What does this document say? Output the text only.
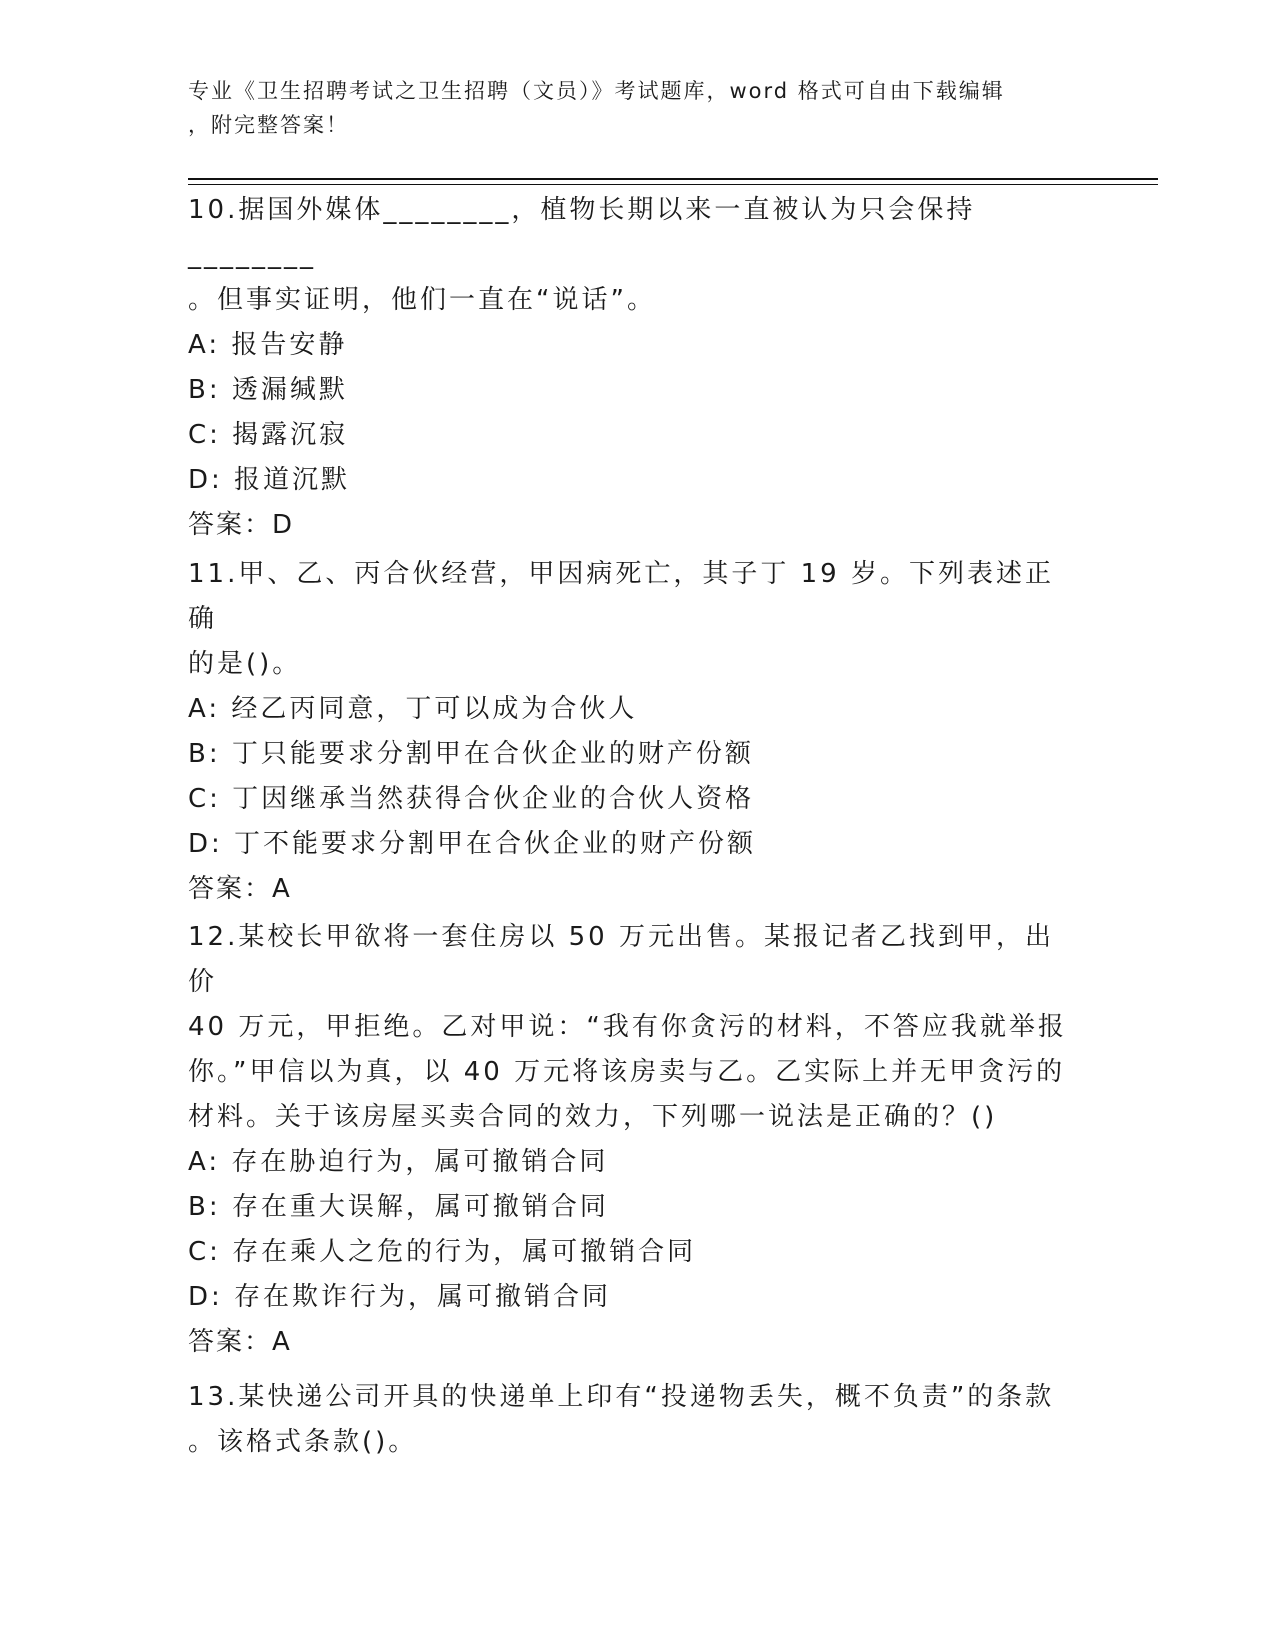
专业《卫生招聘考试之卫生招聘（文员）》考试题库，word 格式可自由下载编辑
，附完整答案！

10.据国外媒体________，植物长期以来一直被认为只会保持________

。但事实证明，他们一直在“说话”。

A: 报告安静

B: 透漏缄默

C: 揭露沉寂

D: 报道沉默

答案：D

11.甲、乙、丙合伙经营，甲因病死亡，其子丁 19 岁。下列表述正确

的是()。

A: 经乙丙同意，丁可以成为合伙人

B: 丁只能要求分割甲在合伙企业的财产份额

C: 丁因继承当然获得合伙企业的合伙人资格

D: 丁不能要求分割甲在合伙企业的财产份额

答案：A

12.某校长甲欲将一套住房以 50 万元出售。某报记者乙找到甲，出价

40 万元，甲拒绝。乙对甲说：“我有你贪污的材料，不答应我就举报

你。”甲信以为真，以 40 万元将该房卖与乙。乙实际上并无甲贪污的

材料。关于该房屋买卖合同的效力，下列哪一说法是正确的？()

A: 存在胁迫行为，属可撤销合同

B: 存在重大误解，属可撤销合同

C: 存在乘人之危的行为，属可撤销合同

D: 存在欺诈行为，属可撤销合同

答案：A

13.某快递公司开具的快递单上印有“投递物丢失，概不负责”的条款

。该格式条款()。
